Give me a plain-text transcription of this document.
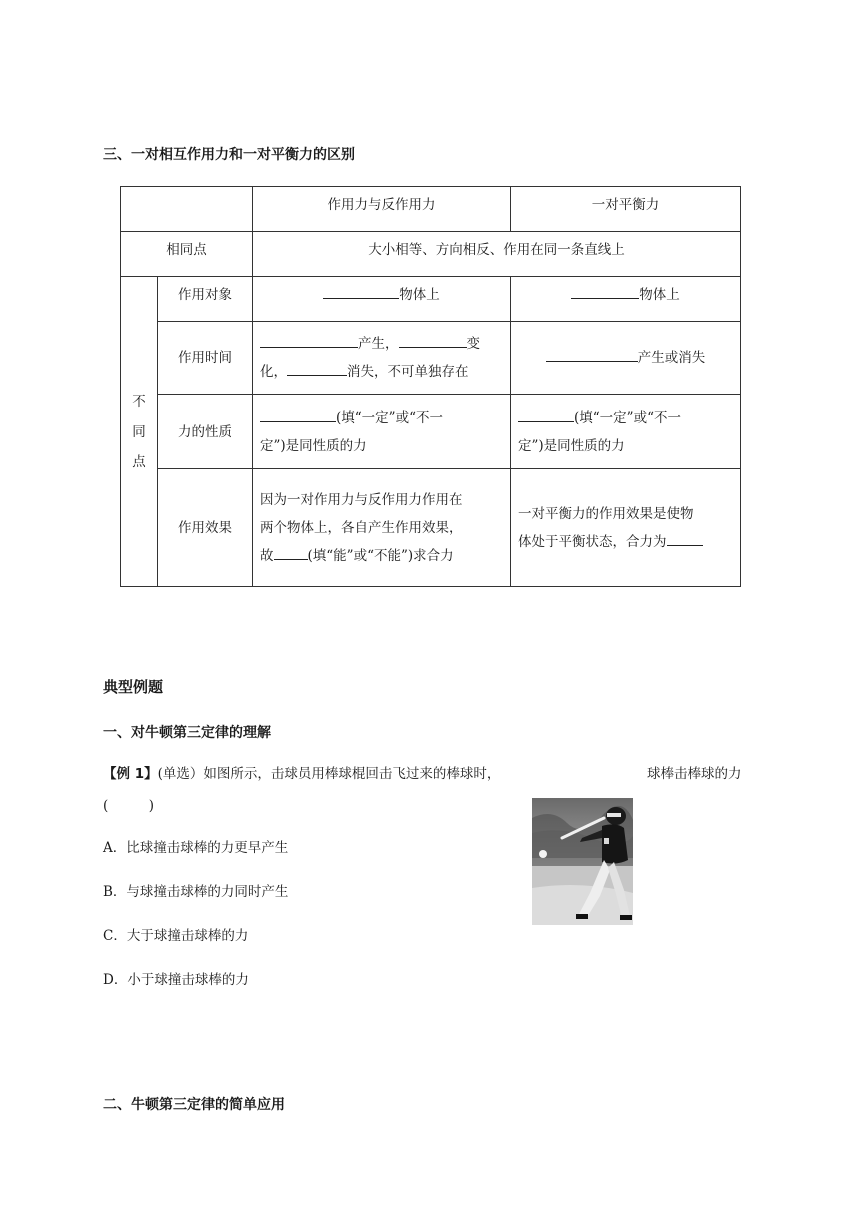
三、一对相互作用力和一对平衡力的区别
		作用力与反作用力	一对平衡力
相同点		大小相等、方向相反、作用在同一条直线上	
不
同
点	作用对象	物体上	物体上
	作用时间	产生， 变
化， 消失，不可单独存在	产生或消失
	力的性质	(填“一定”或“不一
定”)是同性质的力	(填“一定”或“不一
定”)是同性质的力
	作用效果	因为一对作用力与反作用力作用在
两个物体上，各自产生作用效果，
故 (填“能”或“不能”)求合力	一对平衡力的作用效果是使物
体处于平衡状态，合力为
典型例题
一、对牛顿第三定律的理解
【例 1】(单选）如图所示，击球员用棒球棍回击飞过来的棒球时，	球棒击棒球的力
(　　　)

A．比球撞击球棒的力更早产生

B．与球撞击球棒的力同时产生

C．大于球撞击球棒的力

D．小于球撞击球棒的力

二、牛顿第三定律的简单应用
